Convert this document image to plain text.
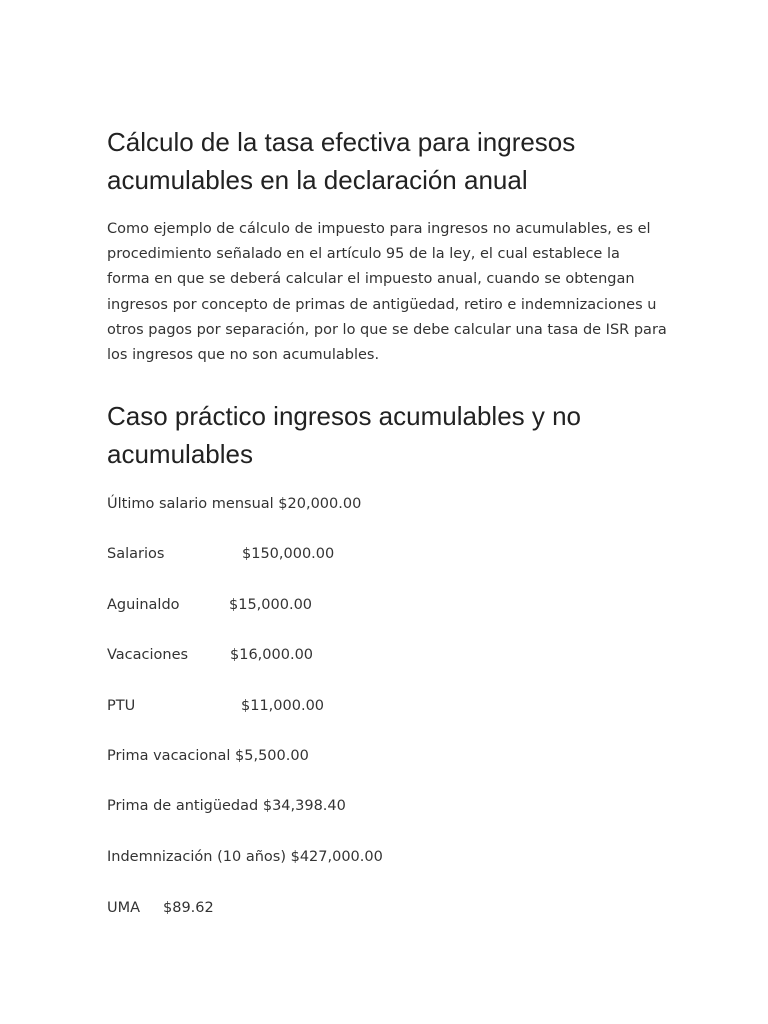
Cálculo de la tasa efectiva para ingresos acumulables en la declaración anual

Como ejemplo de cálculo de impuesto para ingresos no acumulables, es el procedimiento señalado en el artículo 95 de la ley, el cual establece la forma en que se deberá calcular el impuesto anual, cuando se obtengan ingresos por concepto de primas de antigüedad, retiro e indemnizaciones u otros pagos por separación, por lo que se debe calcular una tasa de ISR para los ingresos que no son acumulables.

Caso práctico ingresos acumulables y no acumulables
Último salario mensual $20,000.00
Salarios	$150,000.00
Aguinaldo	$15,000.00
Vacaciones	$16,000.00
PTU	$11,000.00
Prima vacacional $5,500.00
Prima de antigüedad $34,398.40
Indemnización (10 años) $427,000.00
UMA $89.62
